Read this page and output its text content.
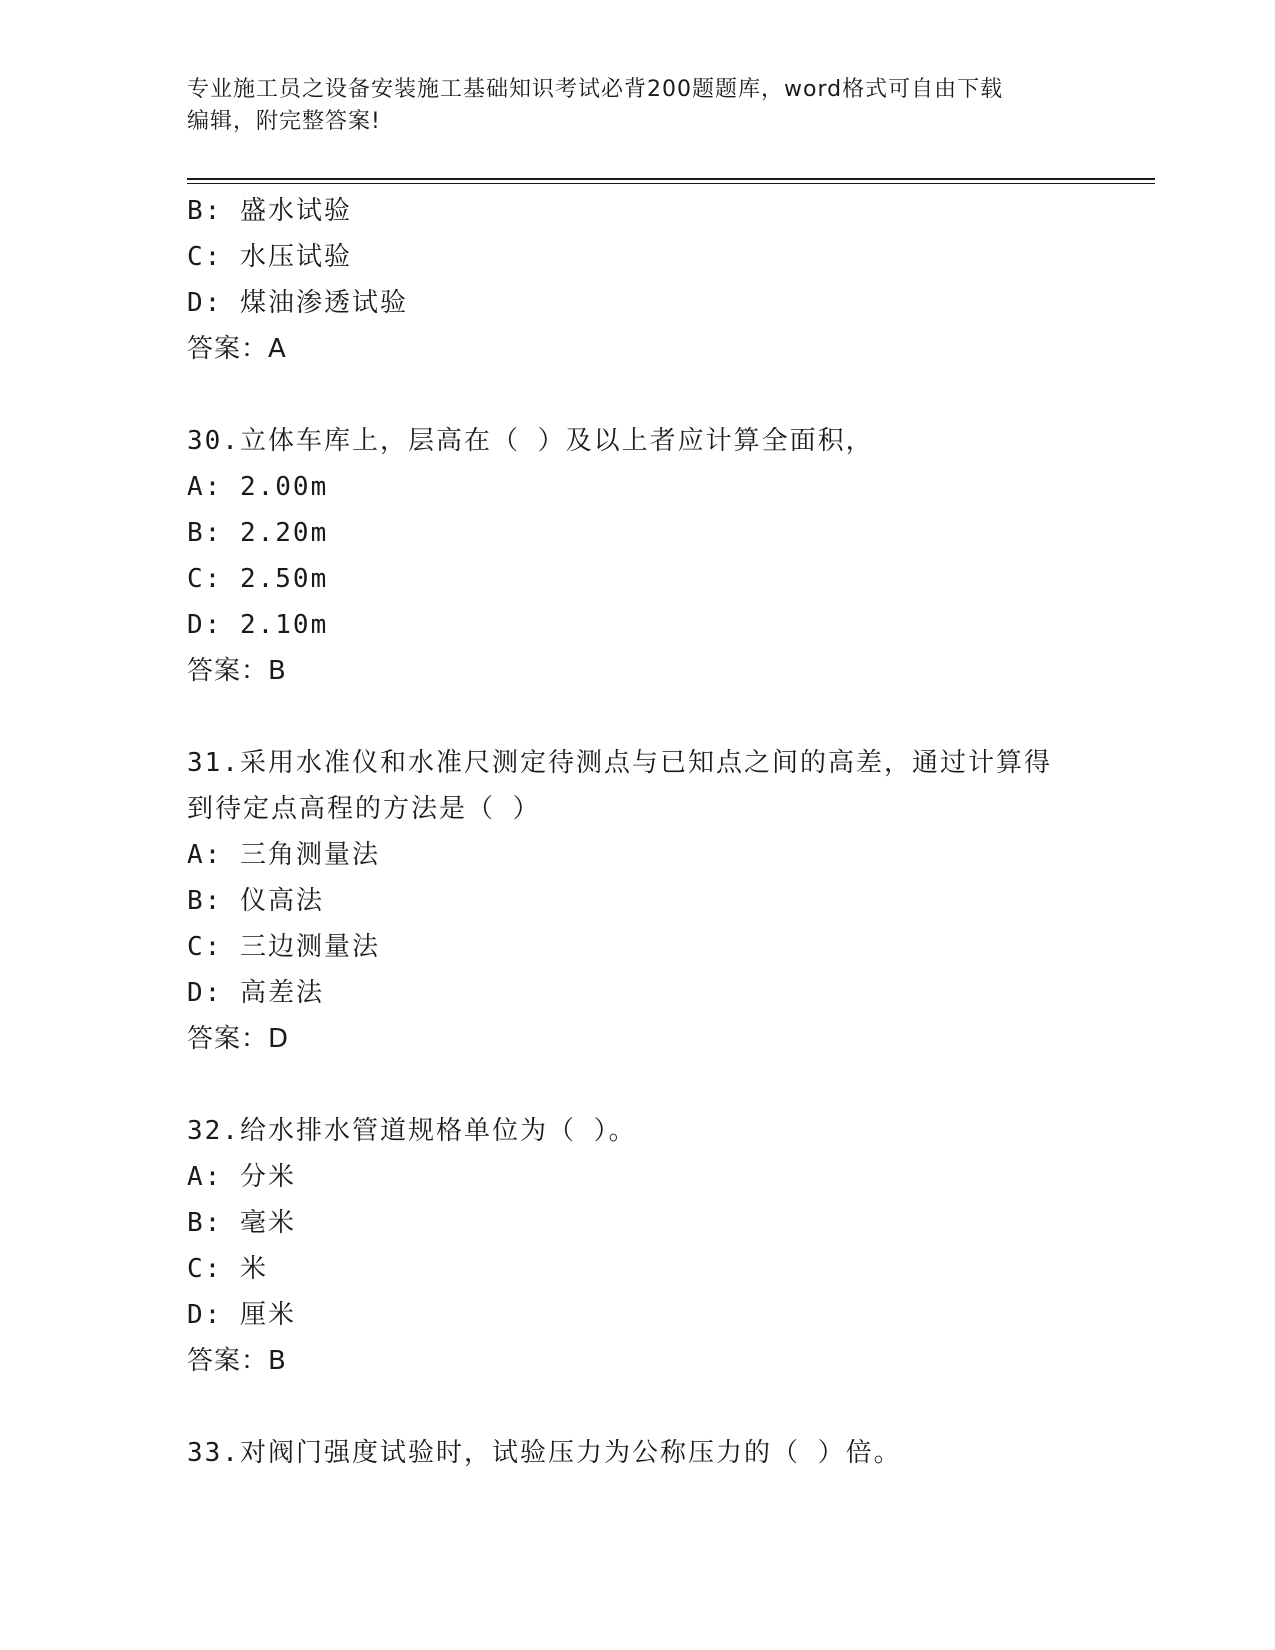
专业施工员之设备安装施工基础知识考试必背200题题库，word格式可自由下载
编辑，附完整答案!
B: 盛水试验
C: 水压试验
D: 煤油渗透试验
答案：A
30.立体车库上，层高在（ ）及以上者应计算全面积，
A: 2.00m
B: 2.20m
C: 2.50m
D: 2.10m
答案：B
31.采用水准仪和水准尺测定待测点与已知点之间的高差，通过计算得
到待定点高程的方法是（ ）
A: 三角测量法
B: 仪高法
C: 三边测量法
D: 高差法
答案：D
32.给水排水管道规格单位为（ ）。
A: 分米
B: 毫米
C: 米
D: 厘米
答案：B
33.对阀门强度试验时，试验压力为公称压力的（ ）倍。
